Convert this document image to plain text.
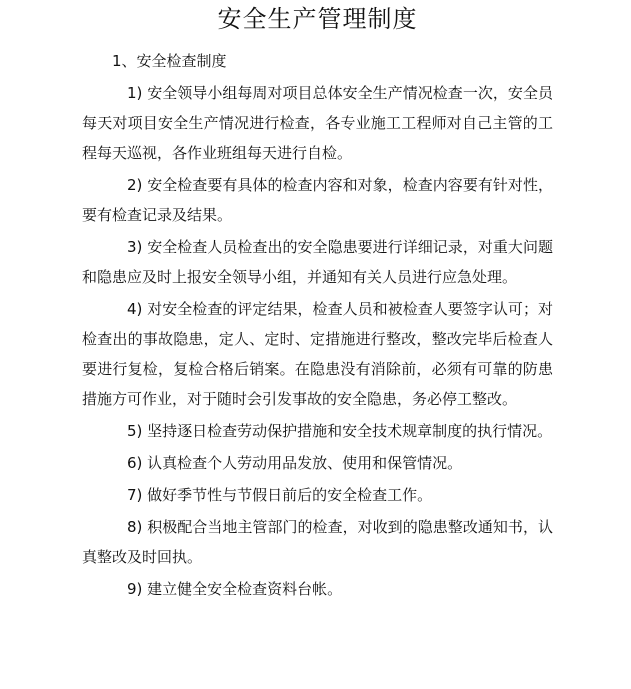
安全生产管理制度
1、安全检查制度

1) 安全领导小组每周对项目总体安全生产情况检查一次，安全员每天对项目安全生产情况进行检查，各专业施工工程师对自己主管的工程每天巡视，各作业班组每天进行自检。

2) 安全检查要有具体的检查内容和对象，检查内容要有针对性，要有检查记录及结果。

3) 安全检查人员检查出的安全隐患要进行详细记录，对重大问题和隐患应及时上报安全领导小组，并通知有关人员进行应急处理。

4) 对安全检查的评定结果，检查人员和被检查人要签字认可；对检查出的事故隐患，定人、定时、定措施进行整改，整改完毕后检查人要进行复检，复检合格后销案。在隐患没有消除前，必须有可靠的防患措施方可作业，对于随时会引发事故的安全隐患，务必停工整改。

5) 坚持逐日检查劳动保护措施和安全技术规章制度的执行情况。

6) 认真检查个人劳动用品发放、使用和保管情况。

7) 做好季节性与节假日前后的安全检查工作。

8) 积极配合当地主管部门的检查，对收到的隐患整改通知书，认真整改及时回执。

9) 建立健全安全检查资料台帐。
